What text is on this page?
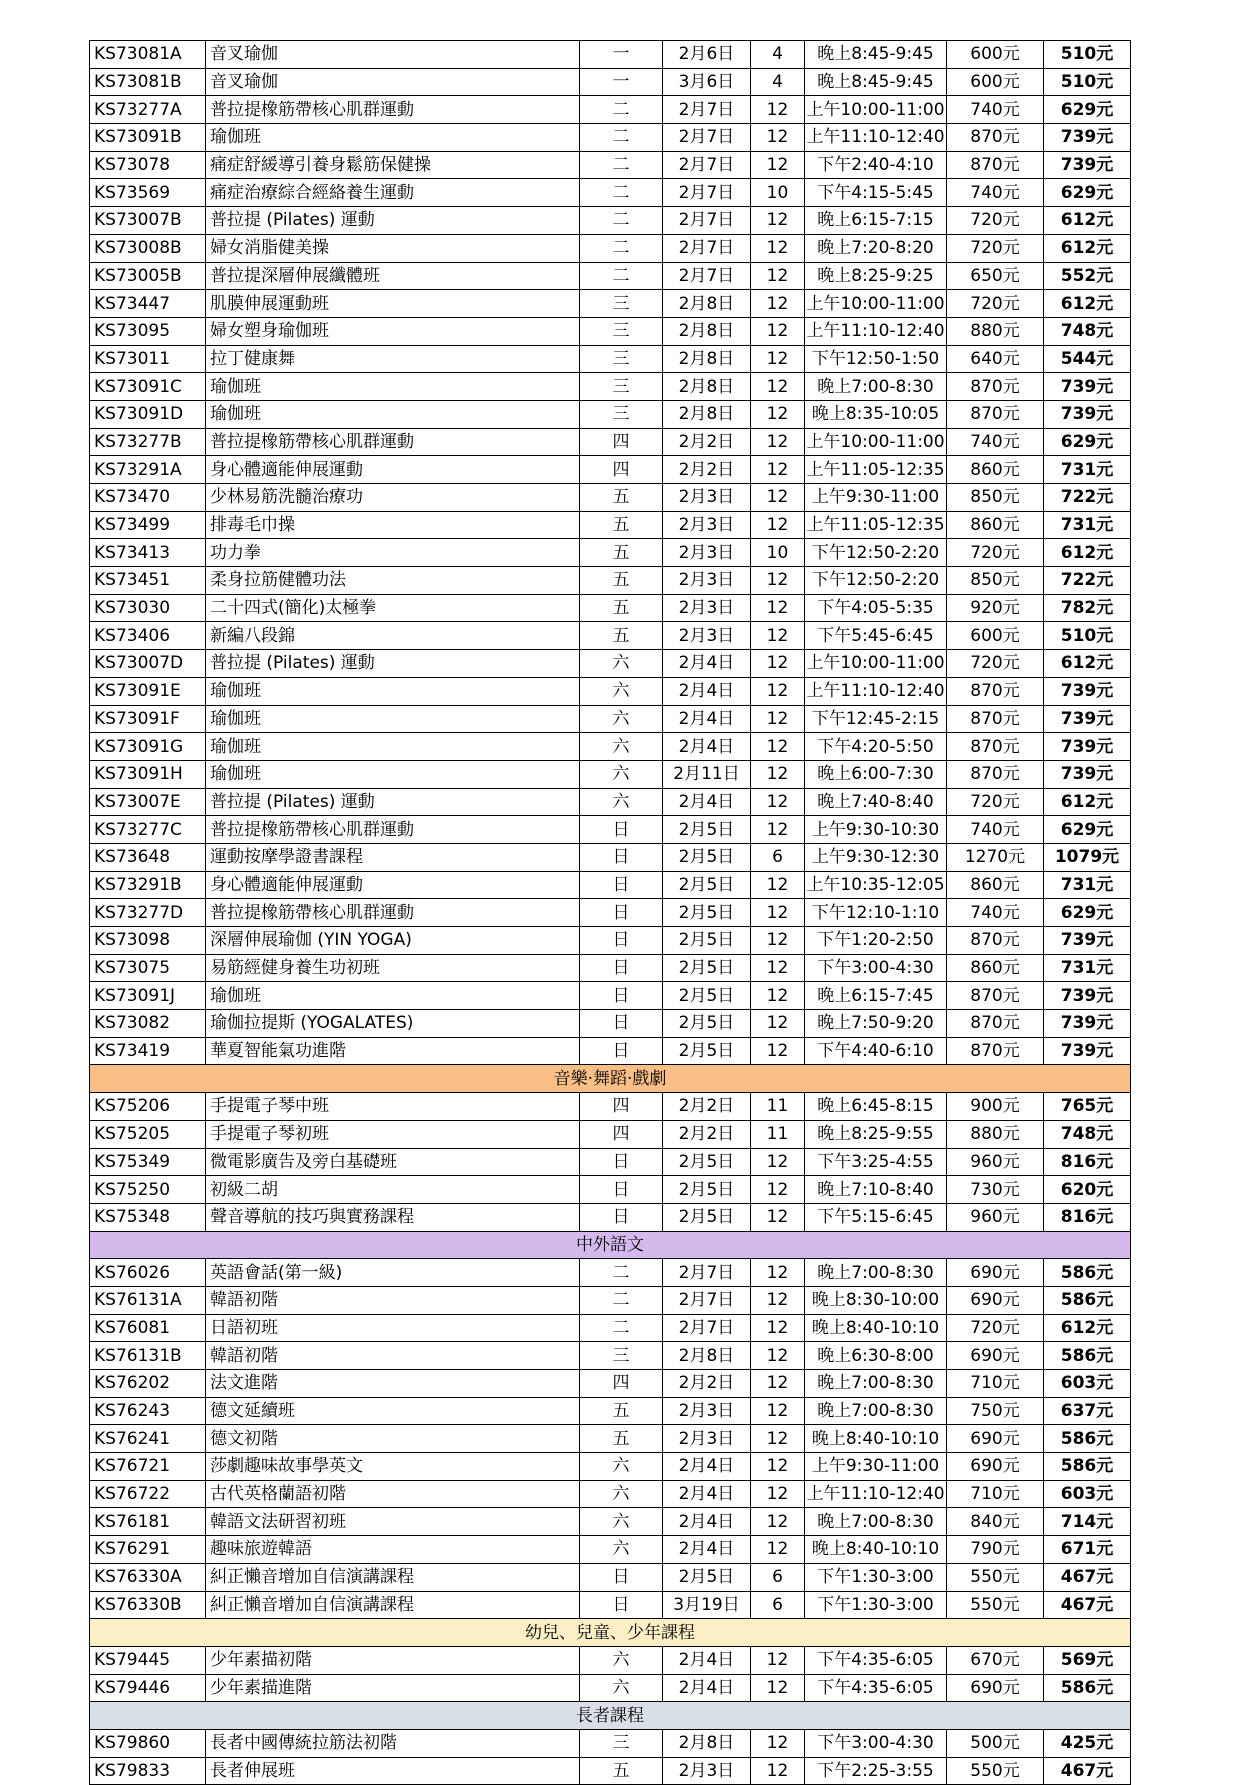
KS73081A	音叉瑜伽	一	2月6日	4	晚上8:45-9:45	600元	510元
KS73081B	音叉瑜伽	一	3月6日	4	晚上8:45-9:45	600元	510元
KS73277A	普拉提橡筋帶核心肌群運動	二	2月7日	12	上午10:00-11:00	740元	629元
KS73091B	瑜伽班	二	2月7日	12	上午11:10-12:40	870元	739元
KS73078	痛症舒緩導引養身鬆筋保健操	二	2月7日	12	下午2:40-4:10	870元	739元
KS73569	痛症治療綜合經絡養生運動	二	2月7日	10	下午4:15-5:45	740元	629元
KS73007B	普拉提 (Pilates) 運動	二	2月7日	12	晚上6:15-7:15	720元	612元
KS73008B	婦女消脂健美操	二	2月7日	12	晚上7:20-8:20	720元	612元
KS73005B	普拉提深層伸展纖體班	二	2月7日	12	晚上8:25-9:25	650元	552元
KS73447	肌膜伸展運動班	三	2月8日	12	上午10:00-11:00	720元	612元
KS73095	婦女塑身瑜伽班	三	2月8日	12	上午11:10-12:40	880元	748元
KS73011	拉丁健康舞	三	2月8日	12	下午12:50-1:50	640元	544元
KS73091C	瑜伽班	三	2月8日	12	晚上7:00-8:30	870元	739元
KS73091D	瑜伽班	三	2月8日	12	晚上8:35-10:05	870元	739元
KS73277B	普拉提橡筋帶核心肌群運動	四	2月2日	12	上午10:00-11:00	740元	629元
KS73291A	身心體適能伸展運動	四	2月2日	12	上午11:05-12:35	860元	731元
KS73470	少林易筋洗髓治療功	五	2月3日	12	上午9:30-11:00	850元	722元
KS73499	排毒毛巾操	五	2月3日	12	上午11:05-12:35	860元	731元
KS73413	功力拳	五	2月3日	10	下午12:50-2:20	720元	612元
KS73451	柔身拉筋健體功法	五	2月3日	12	下午12:50-2:20	850元	722元
KS73030	二十四式(簡化)太極拳	五	2月3日	12	下午4:05-5:35	920元	782元
KS73406	新編八段錦	五	2月3日	12	下午5:45-6:45	600元	510元
KS73007D	普拉提 (Pilates) 運動	六	2月4日	12	上午10:00-11:00	720元	612元
KS73091E	瑜伽班	六	2月4日	12	上午11:10-12:40	870元	739元
KS73091F	瑜伽班	六	2月4日	12	下午12:45-2:15	870元	739元
KS73091G	瑜伽班	六	2月4日	12	下午4:20-5:50	870元	739元
KS73091H	瑜伽班	六	2月11日	12	晚上6:00-7:30	870元	739元
KS73007E	普拉提 (Pilates) 運動	六	2月4日	12	晚上7:40-8:40	720元	612元
KS73277C	普拉提橡筋帶核心肌群運動	日	2月5日	12	上午9:30-10:30	740元	629元
KS73648	運動按摩學證書課程	日	2月5日	6	上午9:30-12:30	1270元	1079元
KS73291B	身心體適能伸展運動	日	2月5日	12	上午10:35-12:05	860元	731元
KS73277D	普拉提橡筋帶核心肌群運動	日	2月5日	12	下午12:10-1:10	740元	629元
KS73098	深層伸展瑜伽 (YIN YOGA)	日	2月5日	12	下午1:20-2:50	870元	739元
KS73075	易筋經健身養生功初班	日	2月5日	12	下午3:00-4:30	860元	731元
KS73091J	瑜伽班	日	2月5日	12	晚上6:15-7:45	870元	739元
KS73082	瑜伽拉提斯 (YOGALATES)	日	2月5日	12	晚上7:50-9:20	870元	739元
KS73419	華夏智能氣功進階	日	2月5日	12	下午4:40-6:10	870元	739元
音樂‧舞蹈‧戲劇							
KS75206	手提電子琴中班	四	2月2日	11	晚上6:45-8:15	900元	765元
KS75205	手提電子琴初班	四	2月2日	11	晚上8:25-9:55	880元	748元
KS75349	微電影廣告及旁白基礎班	日	2月5日	12	下午3:25-4:55	960元	816元
KS75250	初級二胡	日	2月5日	12	晚上7:10-8:40	730元	620元
KS75348	聲音導航的技巧與實務課程	日	2月5日	12	下午5:15-6:45	960元	816元
中外語文							
KS76026	英語會話(第一級)	二	2月7日	12	晚上7:00-8:30	690元	586元
KS76131A	韓語初階	二	2月7日	12	晚上8:30-10:00	690元	586元
KS76081	日語初班	二	2月7日	12	晚上8:40-10:10	720元	612元
KS76131B	韓語初階	三	2月8日	12	晚上6:30-8:00	690元	586元
KS76202	法文進階	四	2月2日	12	晚上7:00-8:30	710元	603元
KS76243	德文延續班	五	2月3日	12	晚上7:00-8:30	750元	637元
KS76241	德文初階	五	2月3日	12	晚上8:40-10:10	690元	586元
KS76721	莎劇趣味故事學英文	六	2月4日	12	上午9:30-11:00	690元	586元
KS76722	古代英格蘭語初階	六	2月4日	12	上午11:10-12:40	710元	603元
KS76181	韓語文法研習初班	六	2月4日	12	晚上7:00-8:30	840元	714元
KS76291	趣味旅遊韓語	六	2月4日	12	晚上8:40-10:10	790元	671元
KS76330A	糾正懶音增加自信演講課程	日	2月5日	6	下午1:30-3:00	550元	467元
KS76330B	糾正懶音增加自信演講課程	日	3月19日	6	下午1:30-3:00	550元	467元
幼兒、兒童、少年課程							
KS79445	少年素描初階	六	2月4日	12	下午4:35-6:05	670元	569元
KS79446	少年素描進階	六	2月4日	12	下午4:35-6:05	690元	586元
長者課程							
KS79860	長者中國傳統拉筋法初階	三	2月8日	12	下午3:00-4:30	500元	425元
KS79833	長者伸展班	五	2月3日	12	下午2:25-3:55	550元	467元
